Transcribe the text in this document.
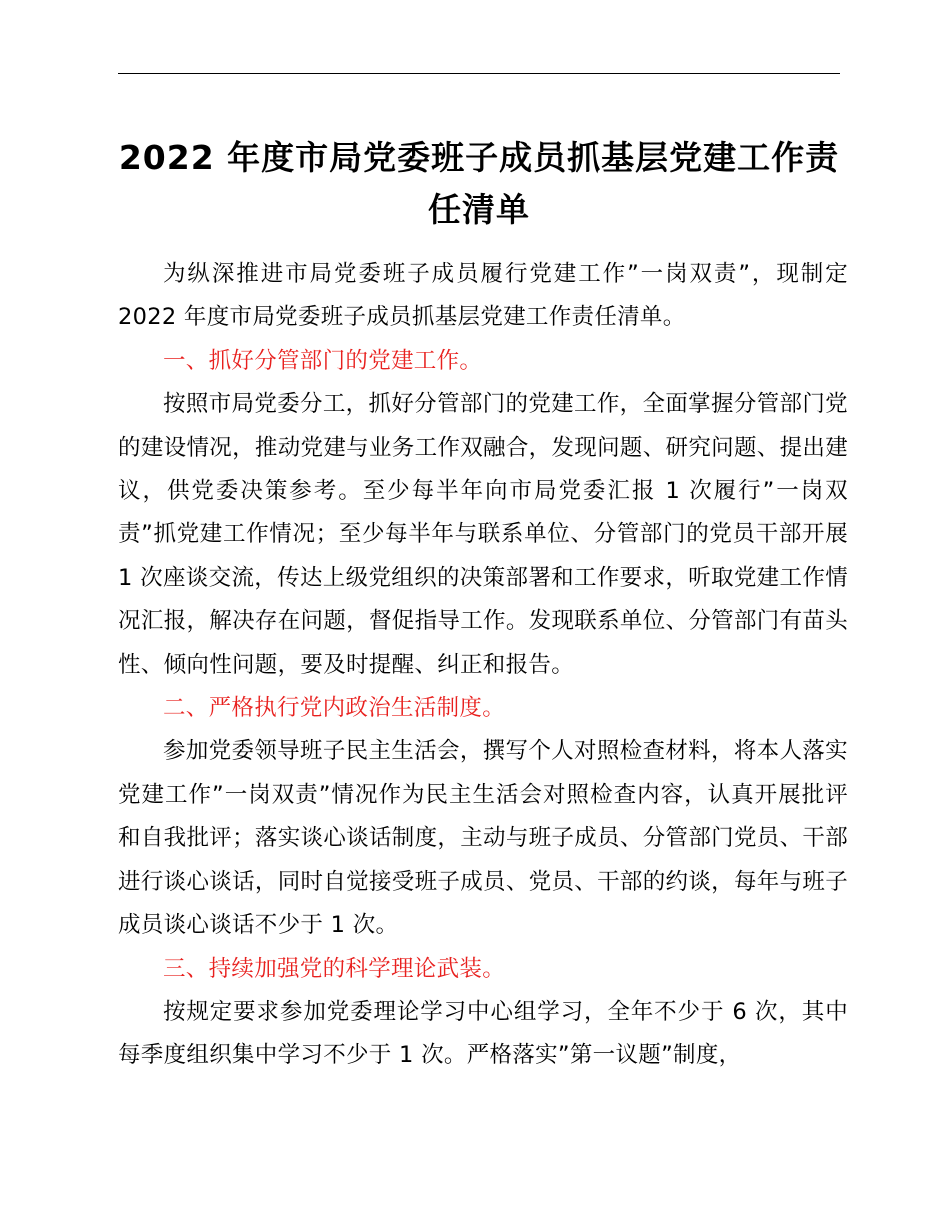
2022 年度市局党委班子成员抓基层党建工作责
任清单

为纵深推进市局党委班子成员履行党建工作”一岗双责”，现制定 2022 年度市局党委班子成员抓基层党建工作责任清单。

一、抓好分管部门的党建工作。

按照市局党委分工，抓好分管部门的党建工作，全面掌握分管部门党的建设情况，推动党建与业务工作双融合，发现问题、研究问题、提出建议，供党委决策参考。至少每半年向市局党委汇报 1 次履行”一岗双责”抓党建工作情况；至少每半年与联系单位、分管部门的党员干部开展 1 次座谈交流，传达上级党组织的决策部署和工作要求，听取党建工作情况汇报，解决存在问题，督促指导工作。发现联系单位、分管部门有苗头性、倾向性问题，要及时提醒、纠正和报告。

二、严格执行党内政治生活制度。

参加党委领导班子民主生活会，撰写个人对照检查材料，将本人落实党建工作”一岗双责”情况作为民主生活会对照检查内容，认真开展批评和自我批评；落实谈心谈话制度，主动与班子成员、分管部门党员、干部进行谈心谈话，同时自觉接受班子成员、党员、干部的约谈，每年与班子成员谈心谈话不少于 1 次。

三、持续加强党的科学理论武装。

按规定要求参加党委理论学习中心组学习，全年不少于 6 次，其中每季度组织集中学习不少于 1 次。严格落实”第一议题”制度，
